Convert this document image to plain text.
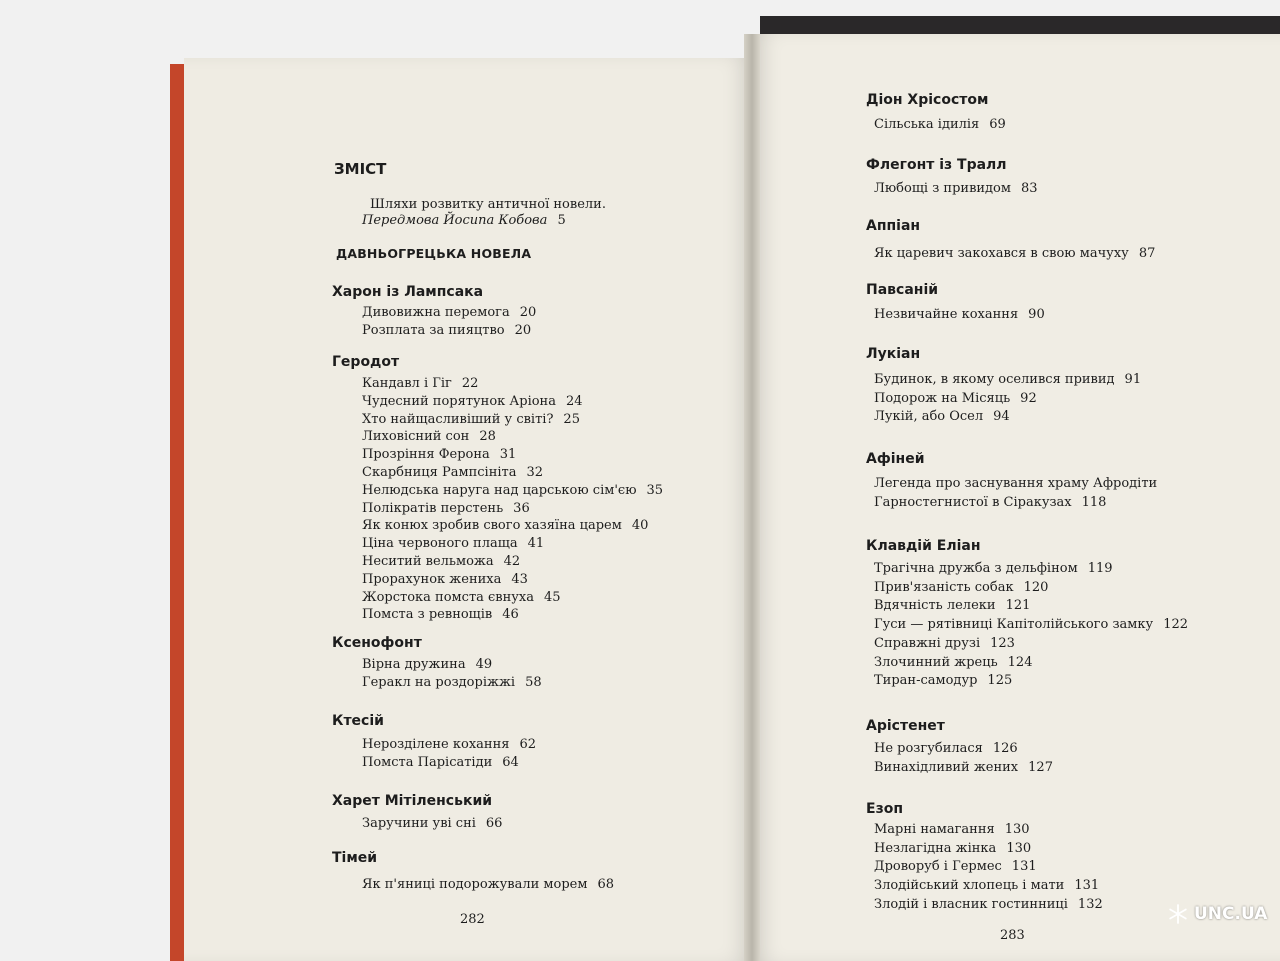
ЗМІСТ
Шляхи розвитку античної новели.
Передмова Йосипа Кобова 5
ДАВНЬОГРЕЦЬКА НОВЕЛА
Харон із Лампсака
Дивовижна перемога 20
Розплата за пияцтво 20
Геродот
Кандавл і Гіг 22
Чудесний порятунок Аріона 24
Хто найщасливіший у світі? 25
Лиховісний сон 28
Прозріння Ферона 31
Скарбниця Рампсініта 32
Нелюдська наруга над царською сім'єю 35
Полікратів перстень 36
Як конюх зробив свого хазяїна царем 40
Ціна червоного плаща 41
Неситий вельможа 42
Прорахунок жениха 43
Жорстока помста євнуха 45
Помста з ревнощів 46
Ксенофонт
Вірна дружина 49
Геракл на роздоріжжі 58
Ктесій
Нерозділене кохання 62
Помста Парісатіди 64
Харет Мітіленський
Заручини уві сні 66
Тімей
Як п'яниці подорожували морем 68
Діон Хрісостом
Сільська ідилія 69
Флегонт із Тралл
Любощі з привидом 83
Аппіан
Як царевич закохався в свою мачуху 87
Павсаній
Незвичайне кохання 90
Лукіан
Будинок, в якому оселився привид 91
Подорож на Місяць 92
Лукій, або Осел 94
Афіней
Легенда про заснування храму Афродіти
Гарностегнистої в Сіракузах 118
Клавдій Еліан
Трагічна дружба з дельфіном 119
Прив'язаність собак 120
Вдячність лелеки 121
Гуси — рятівниці Капітолійського замку 122
Справжні друзі 123
Злочинний жрець 124
Тиран-самодур 125
Арістенет
Не розгубилася 126
Винахідливий жених 127
Езоп
Марні намагання 130
Незлагідна жінка 130
Дроворуб і Гермес 131
Злодійський хлопець і мати 131
Злодій і власник гостинниці 132
282
283
UNC.UA
